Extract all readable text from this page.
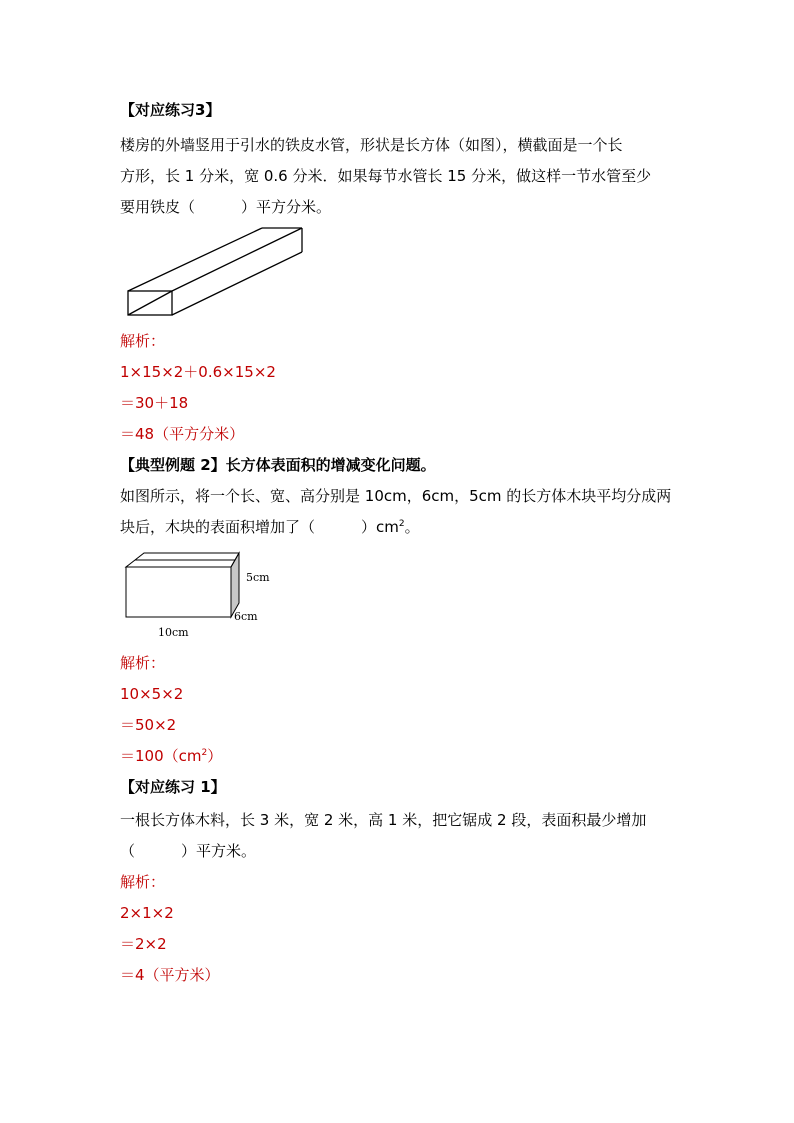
【对应练习3】
楼房的外墙竖用于引水的铁皮水管，形状是长方体（如图），横截面是一个长
方形，长 1 分米，宽 0.6 分米．如果每节水管长 15 分米，做这样一节水管至少
要用铁皮（	）平方分米。
解析：
1×15×2＋0.6×15×2
＝30＋18
＝48（平方分米）
【典型例题 2】长方体表面积的增减变化问题。
如图所示，将一个长、宽、高分别是 10cm，6cm，5cm 的长方体木块平均分成两
块后，木块的表面积增加了（	）$cm^2$。
5cm
6cm
10cm
解析：
10×5×2
＝50×2
$=100(cm^2)$
【对应练习 1】
一根长方体木料，长 3 米，宽 2 米，高 1 米，把它锯成 2 段，表面积最少增加
（	）平方米。
解析：
2×1×2
＝2×2
＝4（平方米）
